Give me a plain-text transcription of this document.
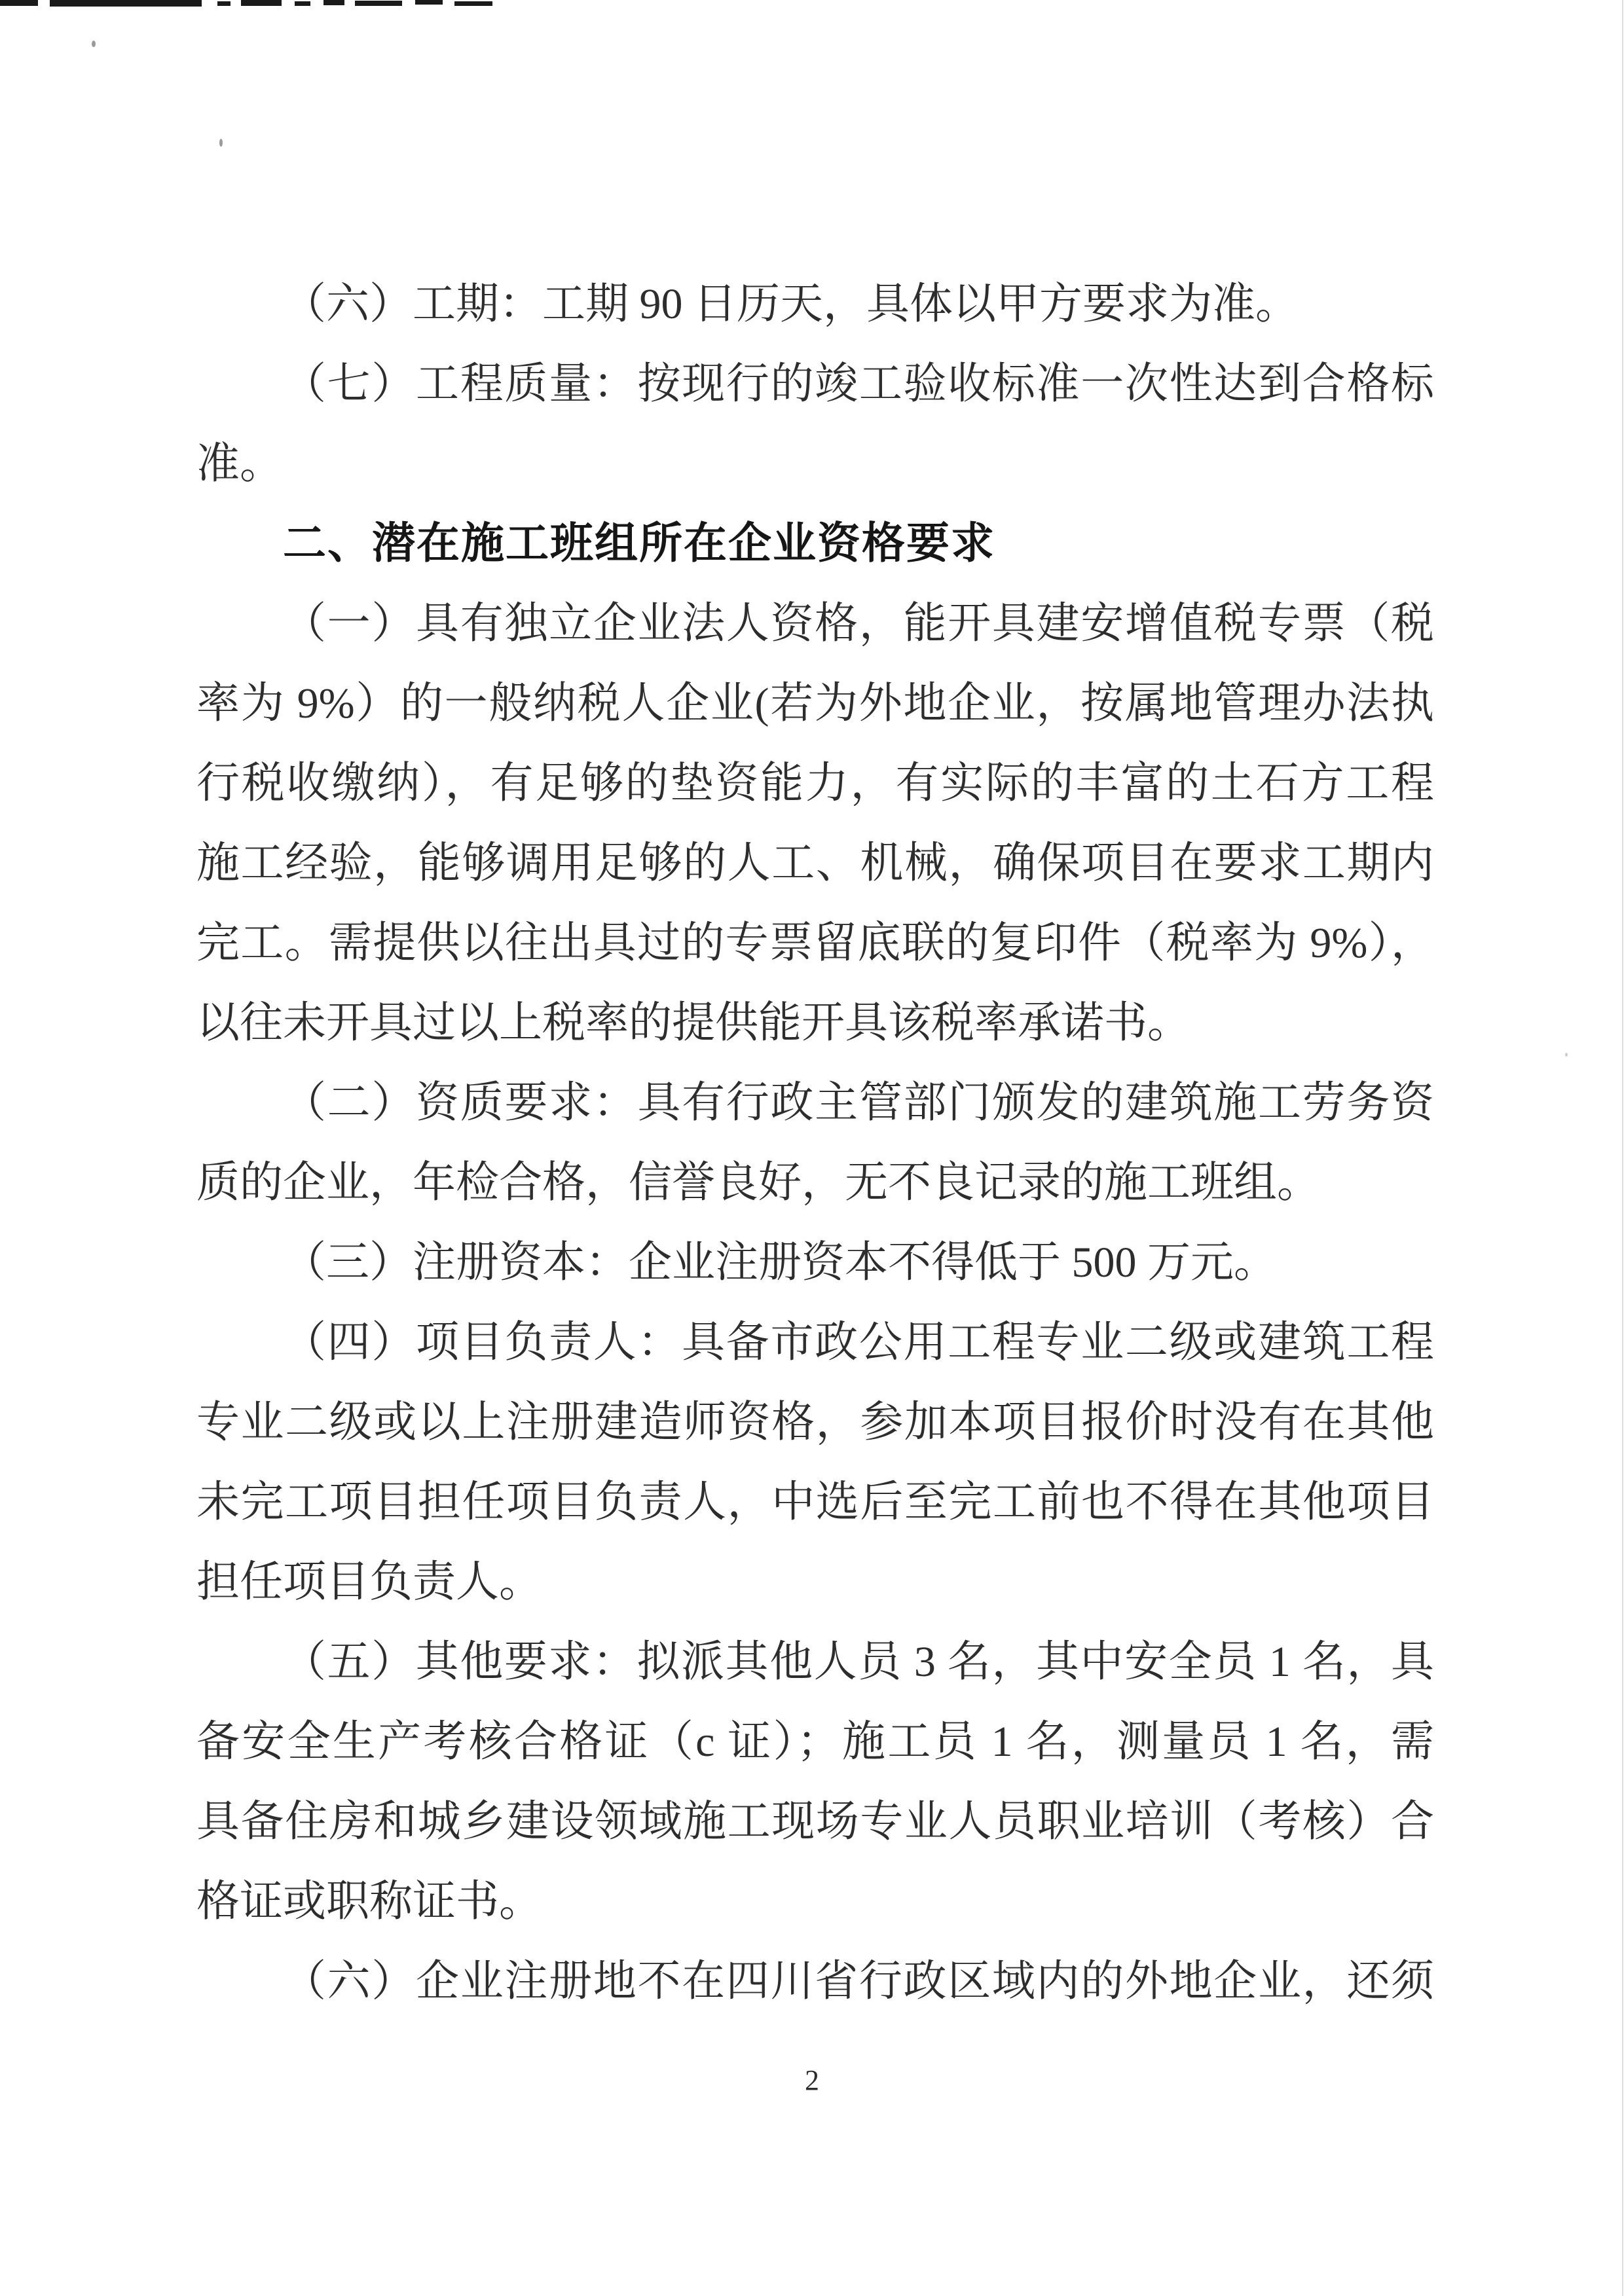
（六）工期：工期 90 日历天，具体以甲方要求为准。
（七）工程质量：按现行的竣工验收标准一次性达到合格标
准。
二、潜在施工班组所在企业资格要求
（一）具有独立企业法人资格，能开具建安增值税专票（税
率为 9%）的一般纳税人企业(若为外地企业，按属地管理办法执
行税收缴纳），有足够的垫资能力，有实际的丰富的土石方工程
施工经验，能够调用足够的人工、机械，确保项目在要求工期内
完工。需提供以往出具过的专票留底联的复印件（税率为 9%），
以往未开具过以上税率的提供能开具该税率承诺书。
（二）资质要求：具有行政主管部门颁发的建筑施工劳务资
质的企业，年检合格，信誉良好，无不良记录的施工班组。
（三）注册资本：企业注册资本不得低于 500 万元。
（四）项目负责人：具备市政公用工程专业二级或建筑工程
专业二级或以上注册建造师资格，参加本项目报价时没有在其他
未完工项目担任项目负责人，中选后至完工前也不得在其他项目
担任项目负责人。
（五）其他要求：拟派其他人员 3 名，其中安全员 1 名，具
备安全生产考核合格证（c 证）；施工员 1 名，测量员 1 名，需
具备住房和城乡建设领域施工现场专业人员职业培训（考核）合
格证或职称证书。
（六）企业注册地不在四川省行政区域内的外地企业，还须
2
